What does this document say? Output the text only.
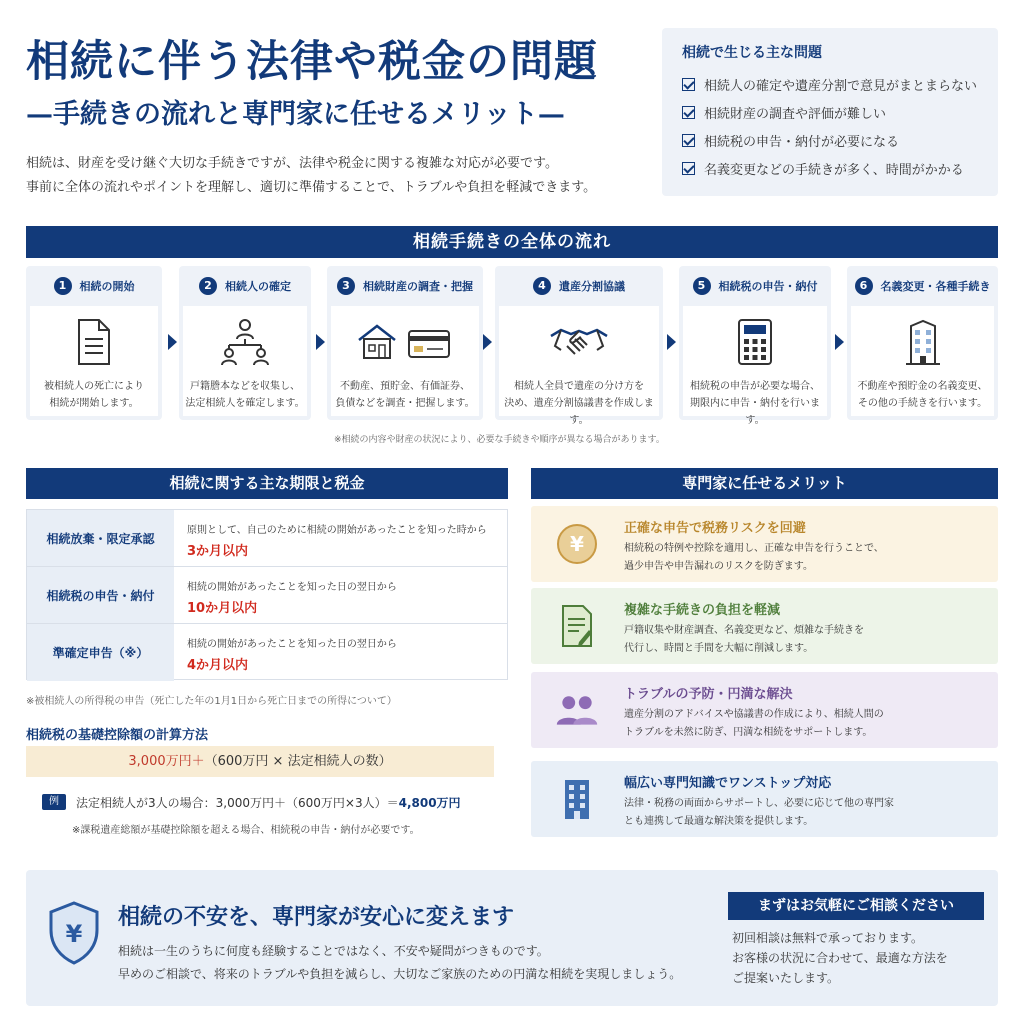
相続に伴う法律や税金の問題
—手続きの流れと専門家に任せるメリット—
相続は、財産を受け継ぐ大切な手続きですが、法律や税金に関する複雑な対応が必要です。
事前に全体の流れやポイントを理解し、適切に準備することで、トラブルや負担を軽減できます。
相続で生じる主な問題
相続人の確定や遺産分割で意見がまとまらない
相続財産の調査や評価が難しい
相続税の申告・納付が必要になる
名義変更などの手続きが多く、時間がかかる
相続手続きの全体の流れ
1	相続の開始
被相続人の死亡により
相続が開始します。
2	相続人の確定
戸籍謄本などを収集し、
法定相続人を確定します。
3	相続財産の調査・把握
不動産、預貯金、有価証券、
負債などを調査・把握します。
4	遺産分割協議
相続人全員で遺産の分け方を
決め、遺産分割協議書を作成します。
5	相続税の申告・納付
相続税の申告が必要な場合、
期限内に申告・納付を行います。
6	名義変更・各種手続き
不動産や預貯金の名義変更、
その他の手続きを行います。
※相続の内容や財産の状況により、必要な手続きや順序が異なる場合があります。
相続に関する主な期限と税金
相続放棄・限定承認
原則として、自己のために相続の開始があったことを知った時から
3か月以内
相続税の申告・納付
相続の開始があったことを知った日の翌日から
10か月以内
準確定申告（※）
相続の開始があったことを知った日の翌日から
4か月以内
※被相続人の所得税の申告（死亡した年の1月1日から死亡日までの所得について）
相続税の基礎控除額の計算方法
3,000万円＋（600万円 × 法定相続人の数）
例	法定相続人が3人の場合：3,000万円＋（600万円×3人）＝4,800万円
※課税遺産総額が基礎控除額を超える場合、相続税の申告・納付が必要です。
専門家に任せるメリット
¥
正確な申告で税務リスクを回避
相続税の特例や控除を適用し、正確な申告を行うことで、
過少申告や申告漏れのリスクを防ぎます。
複雑な手続きの負担を軽減
戸籍収集や財産調査、名義変更など、煩雑な手続きを
代行し、時間と手間を大幅に削減します。
トラブルの予防・円満な解決
遺産分割のアドバイスや協議書の作成により、相続人間の
トラブルを未然に防ぎ、円満な相続をサポートします。
幅広い専門知識でワンストップ対応
法律・税務の両面からサポートし、必要に応じて他の専門家
とも連携して最適な解決策を提供します。
¥
相続の不安を、専門家が安心に変えます
相続は一生のうちに何度も経験することではなく、不安や疑問がつきものです。
早めのご相談で、将来のトラブルや負担を減らし、大切なご家族のための円満な相続を実現しましょう。
まずはお気軽にご相談ください
初回相談は無料で承っております。
お客様の状況に合わせて、最適な方法を
ご提案いたします。
